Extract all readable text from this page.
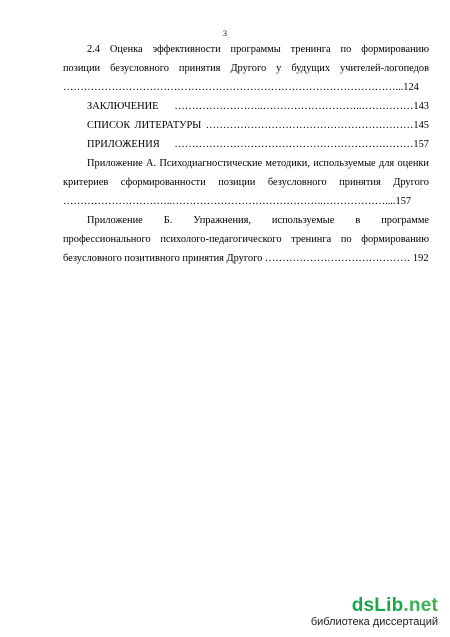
3
2.4 Оценка эффективности программы тренинга по формированию
позиции безусловного принятия Другого у будущих учителей-логопедов
……………………………………………………………………………………...124
ЗАКЛЮЧЕНИЕ ……………………..………………………..……………143
СПИСОК ЛИТЕРАТУРЫ ……………………………………………………145
ПРИЛОЖЕНИЯ ……………………………………………………………157
Приложение А. Психодиагностические методики, используемые для оценки
критериев сформированности позиции безусловного принятия Другого
…………………………..……………………………………..………………....157
Приложение Б. Упражнения, используемые в программе
профессионального психолого-педагогического тренинга по формированию
безусловного позитивного принятия Другого …………………………………… 192
dsLib.net
библиотека диссертаций
